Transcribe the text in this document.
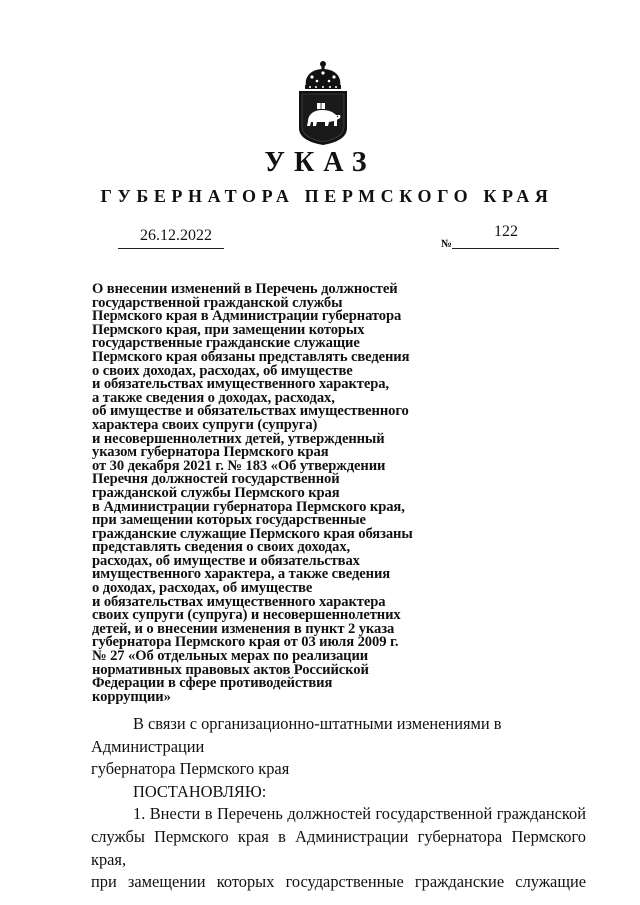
УКАЗ
ГУБЕРНАТОРА ПЕРМСКОГО КРАЯ
26.12.2022	№
122
О внесении изменений в Перечень должностей
государственной гражданской службы
Пермского края в Администрации губернатора
Пермского края, при замещении которых
государственные гражданские служащие
Пермского края обязаны представлять сведения
о своих доходах, расходах, об имуществе
и обязательствах имущественного характера,
а также сведения о доходах, расходах,
об имуществе и обязательствах имущественного
характера своих супруги (супруга)
и несовершеннолетних детей, утвержденный
указом губернатора Пермского края
от 30 декабря 2021 г. № 183 «Об утверждении
Перечня должностей государственной
гражданской службы Пермского края
в Администрации губернатора Пермского края,
при замещении которых государственные
гражданские служащие Пермского края обязаны
представлять сведения о своих доходах,
расходах, об имуществе и обязательствах
имущественного характера, а также сведения
о доходах, расходах, об имуществе
и обязательствах имущественного характера
своих супруги (супруга) и несовершеннолетних
детей, и о внесении изменения в пункт 2 указа
губернатора Пермского края от 03 июля 2009 г.
№ 27 «Об отдельных мерах по реализации
нормативных правовых актов Российской
Федерации в сфере противодействия
коррупции»

В связи с организационно-штатными изменениями в Администрации

губернатора Пермского края

ПОСТАНОВЛЯЮ:

1. Внести в Перечень должностей государственной гражданской

службы Пермского края в Администрации губернатора Пермского края,

при замещении которых государственные гражданские служащие
